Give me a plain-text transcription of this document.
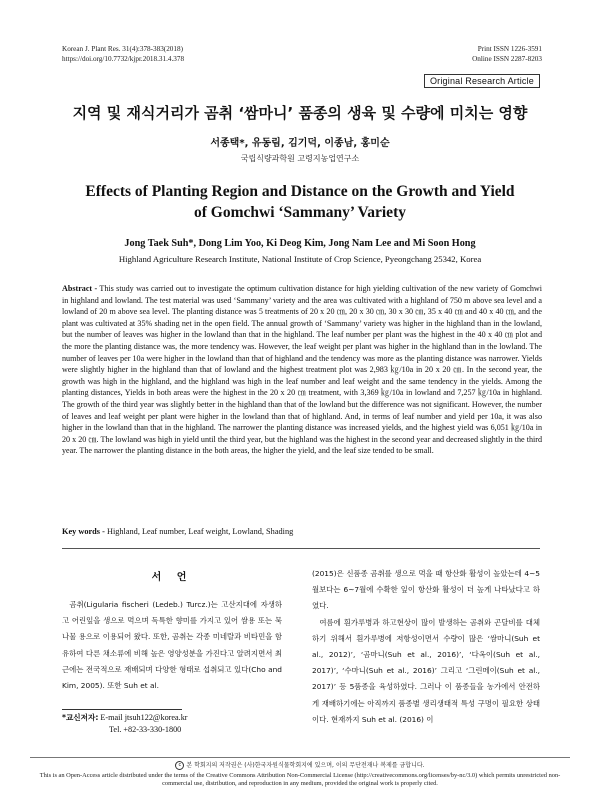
Korean J. Plant Res. 31(4):378-383(2018)
https://doi.org/10.7732/kjpr.2018.31.4.378
Print ISSN 1226-3591
Online ISSN 2287-8203
Original Research Article
지역 및 재식거리가 곰취 ‘쌈마니’ 품종의 생육 및 수량에 미치는 영향
서종택*, 유동림, 김기덕, 이종남, 홍미순
국립식량과학원 고령지농업연구소
Effects of Planting Region and Distance on the Growth and Yield
of Gomchwi ‘Sammany’ Variety
Jong Taek Suh*, Dong Lim Yoo, Ki Deog Kim, Jong Nam Lee and Mi Soon Hong
Highland Agriculture Research Institute, National Institute of Crop Science, Pyeongchang 25342, Korea
Abstract - This study was carried out to investigate the optimum cultivation distance for high yielding cultivation of the new variety of Gomchwi in highland and lowland. The test material was used ‘Sammany’ variety and the area was cultivated with a highland of 750 m above sea level and a lowland of 20 m above sea level. The planting distance was 5 treatments of 20 x 20 ㎝, 20 x 30 ㎝, 30 x 30 ㎝, 35 x 40 ㎝ and 40 x 40 ㎝, and the plant was cultivated at 35% shading net in the open field. The annual growth of ‘Sammany’ variety was higher in the highland than in the lowland, but the number of leaves was higher in the lowland than that in the highland. The leaf number per plant was the highest in the 40 x 40 ㎝ plot and the more the planting distance was, the more tendency was. However, the leaf weight per plant was higher in the highland than in the lowland. The number of leaves per 10a were higher in the lowland than that of highland and the tendency was more as the planting distance was narrower. Yields were slightly higher in the highland than that of lowland and the highest treatment plot was 2,983 ㎏/10a in 20 x 20 ㎝. In the second year, the growth was high in the highland, and the highland was high in the leaf number and leaf weight and the same tendency in the yields. Among the planting distances, Yields in both areas were the highest in the 20 x 20 ㎝ treatment, with 3,369 ㎏/10a in lowland and 7,257 ㎏/10a in highland. The growth of the third year was slightly better in the highland than that of the lowland but the difference was not significant. However, the number of leaves and leaf weight per plant were higher in the lowland than that of highland. And, in terms of leaf number and yield per 10a, it was also higher in the lowland than that in the highland. The narrower the planting distance was increased yields, and the highest yield was 6,051 ㎏/10a in 20 x 20 ㎝. The lowland was high in yield until the third year, but the highland was the highest in the second year and decreased slightly in the third year. The narrower the planting distance in the both areas, the higher the yield, and the leaf size tended to be small.
Key words - Highland, Leaf number, Leaf weight, Lowland, Shading
서 언
곰취(Ligularia fischeri (Ledeb.) Turcz.)는 고산지대에 자생하고 어린잎을 생으로 먹으며 독특한 향미를 가지고 있어 쌈용 또는 묵나물 용으로 이용되어 왔다. 또한, 곰취는 각종 미네랄과 비타민을 함유하여 다른 채소류에 비해 높은 영양성분을 가진다고 알려지면서 최근에는 전국적으로 재배되며 다양한 형태로 섭취되고 있다(Cho and Kim, 2005). 또한 Suh et al.
(2015)은 신품종 곰취를 생으로 먹을 때 항산화 활성이 높았는데 4~5월보다는 6~7월에 수확한 잎이 항산화 활성이 더 높게 나타났다고 하였다.
여름에 흰가루병과 하고현상이 많이 발생하는 곰취와 곤달비를 대체하기 위해서 흰가루병에 저항성이면서 수량이 많은 ‘쌈마니(Suh et al., 2012)’, ‘곰마니(Suh et al., 2016)’, ‘다옥이(Suh et al., 2017)’, ‘수마니(Suh et al., 2016)’ 그리고 ‘그린메이(Suh et al., 2017)’ 등 5품종을 육성하였다. 그러나 이 품종들을 농가에서 안전하게 재배하기에는 아직까지 품종별 생리생태적 특성 구명이 필요한 상태이다. 현재까지 Suh et al. (2016) 이
*교신저자: E-mail jtsuh122@korea.kr
Tel. +82-33-330-1800
c 본 학회지의 저작권은 (사)한국자원식물학회지에 있으며, 이의 무단전재나 복제를 금합니다.
This is an Open-Access article distributed under the terms of the Creative Commons Attribution Non-Commercial License (http://creativecommons.org/licenses/by-nc/3.0) which permits unrestricted non-commercial use, distribution, and reproduction in any medium, provided the original work is properly cited.
